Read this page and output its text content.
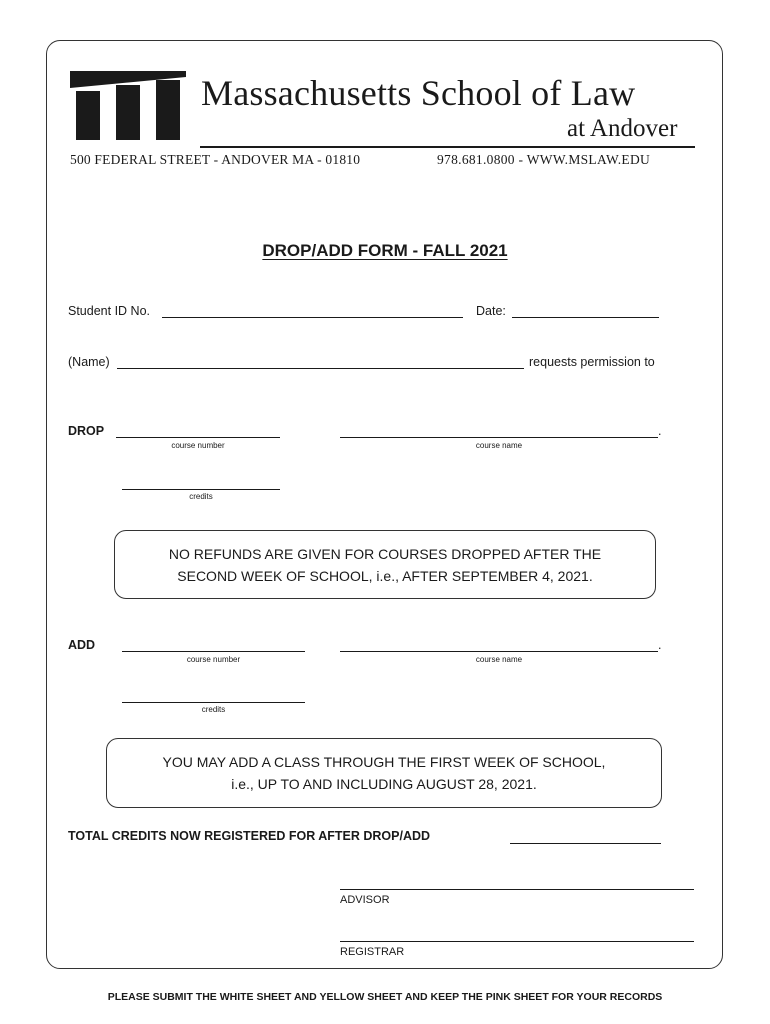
Massachusetts School of Law
at Andover
500 FEDERAL STREET - ANDOVER MA - 01810	978.681.0800 - WWW.MSLAW.EDU
DROP/ADD FORM - FALL 2021
Student ID No.	Date:
(Name)	requests permission to
DROP
course number
.
course name
credits
NO REFUNDS ARE GIVEN FOR COURSES DROPPED AFTER THE
SECOND WEEK OF SCHOOL, i.e., AFTER SEPTEMBER 4, 2021.
ADD
course number
.
course name
credits
YOU MAY ADD A CLASS THROUGH THE FIRST WEEK OF SCHOOL,
i.e., UP TO AND INCLUDING AUGUST 28, 2021.
TOTAL CREDITS NOW REGISTERED FOR AFTER DROP/ADD
ADVISOR
REGISTRAR
PLEASE SUBMIT THE WHITE SHEET AND YELLOW SHEET AND KEEP THE PINK SHEET FOR YOUR RECORDS
